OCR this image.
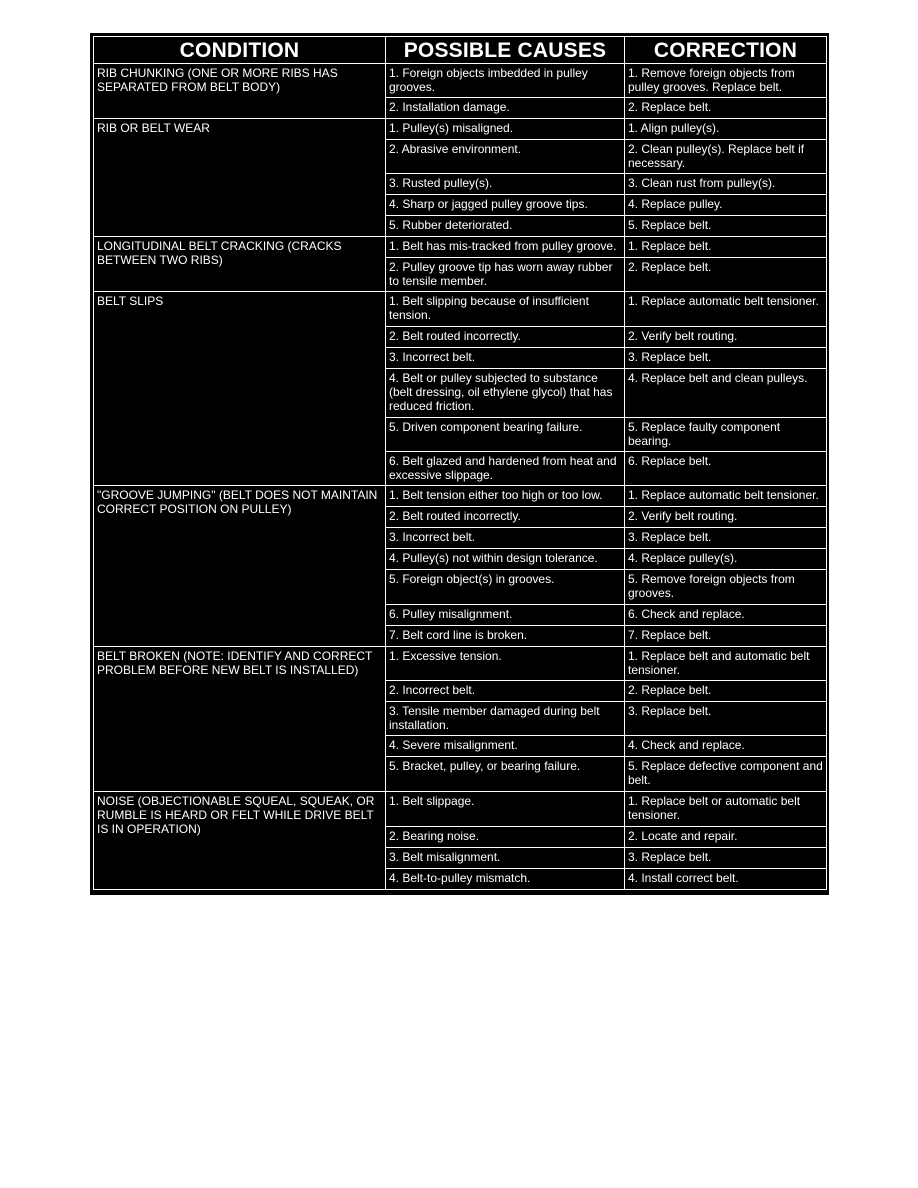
CONDITION	POSSIBLE CAUSES	CORRECTION
RIB CHUNKING (ONE OR MORE RIBS HAS SEPARATED FROM BELT BODY)	1. Foreign objects imbedded in pulley grooves.	1. Remove foreign objects from pulley grooves. Replace belt.
	2. Installation damage.	2. Replace belt.
RIB OR BELT WEAR	1. Pulley(s) misaligned.	1. Align pulley(s).
	2. Abrasive environment.	2. Clean pulley(s). Replace belt if necessary.
	3. Rusted pulley(s).	3. Clean rust from pulley(s).
	4. Sharp or jagged pulley groove tips.	4. Replace pulley.
	5. Rubber deteriorated.	5. Replace belt.
LONGITUDINAL BELT CRACKING (CRACKS BETWEEN TWO RIBS)	1. Belt has mis-tracked from pulley groove.	1. Replace belt.
	2. Pulley groove tip has worn away rubber to tensile member.	2. Replace belt.
BELT SLIPS	1. Belt slipping because of insufficient tension.	1. Replace automatic belt tensioner.
	2. Belt routed incorrectly.	2. Verify belt routing.
	3. Incorrect belt.	3. Replace belt.
	4. Belt or pulley subjected to substance (belt dressing, oil ethylene glycol) that has reduced friction.	4. Replace belt and clean pulleys.
	5. Driven component bearing failure.	5. Replace faulty component bearing.
	6. Belt glazed and hardened from heat and excessive slippage.	6. Replace belt.
"GROOVE JUMPING" (BELT DOES NOT MAINTAIN CORRECT POSITION ON PULLEY)	1. Belt tension either too high or too low.	1. Replace automatic belt tensioner.
	2. Belt routed incorrectly.	2. Verify belt routing.
	3. Incorrect belt.	3. Replace belt.
	4. Pulley(s) not within design tolerance.	4. Replace pulley(s).
	5. Foreign object(s) in grooves.	5. Remove foreign objects from grooves.
	6. Pulley misalignment.	6. Check and replace.
	7. Belt cord line is broken.	7. Replace belt.
BELT BROKEN (NOTE: IDENTIFY AND CORRECT PROBLEM BEFORE NEW BELT IS INSTALLED)	1. Excessive tension.	1. Replace belt and automatic belt tensioner.
	2. Incorrect belt.	2. Replace belt.
	3. Tensile member damaged during belt installation.	3. Replace belt.
	4. Severe misalignment.	4. Check and replace.
	5. Bracket, pulley, or bearing failure.	5. Replace defective component and belt.
NOISE (OBJECTIONABLE SQUEAL, SQUEAK, OR RUMBLE IS HEARD OR FELT WHILE DRIVE BELT IS IN OPERATION)	1. Belt slippage.	1. Replace belt or automatic belt tensioner.
	2. Bearing noise.	2. Locate and repair.
	3. Belt misalignment.	3. Replace belt.
	4. Belt-to-pulley mismatch.	4. Install correct belt.
